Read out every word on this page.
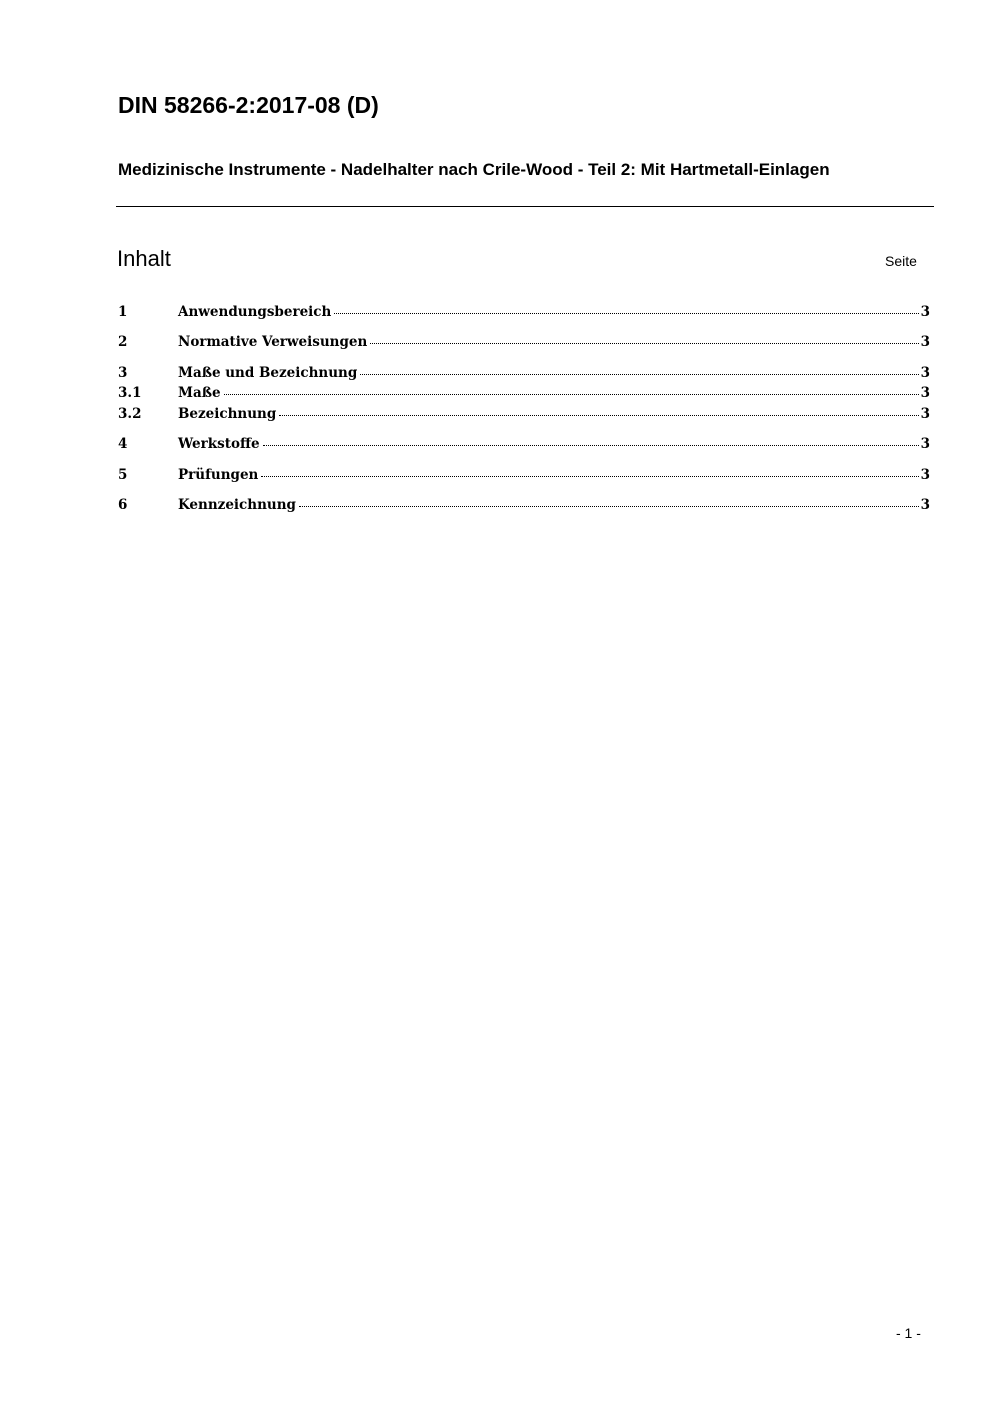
DIN 58266-2:2017-08 (D)
Medizinische Instrumente - Nadelhalter nach Crile-Wood - Teil 2: Mit Hartmetall-Einlagen
Inhalt	Seite
1	Anwendungsbereich	3
2	Normative Verweisungen	3
3	Maße und Bezeichnung	3
3.1	Maße	3
3.2	Bezeichnung	3
4	Werkstoffe	3
5	Prüfungen	3
6	Kennzeichnung	3
- 1 -
